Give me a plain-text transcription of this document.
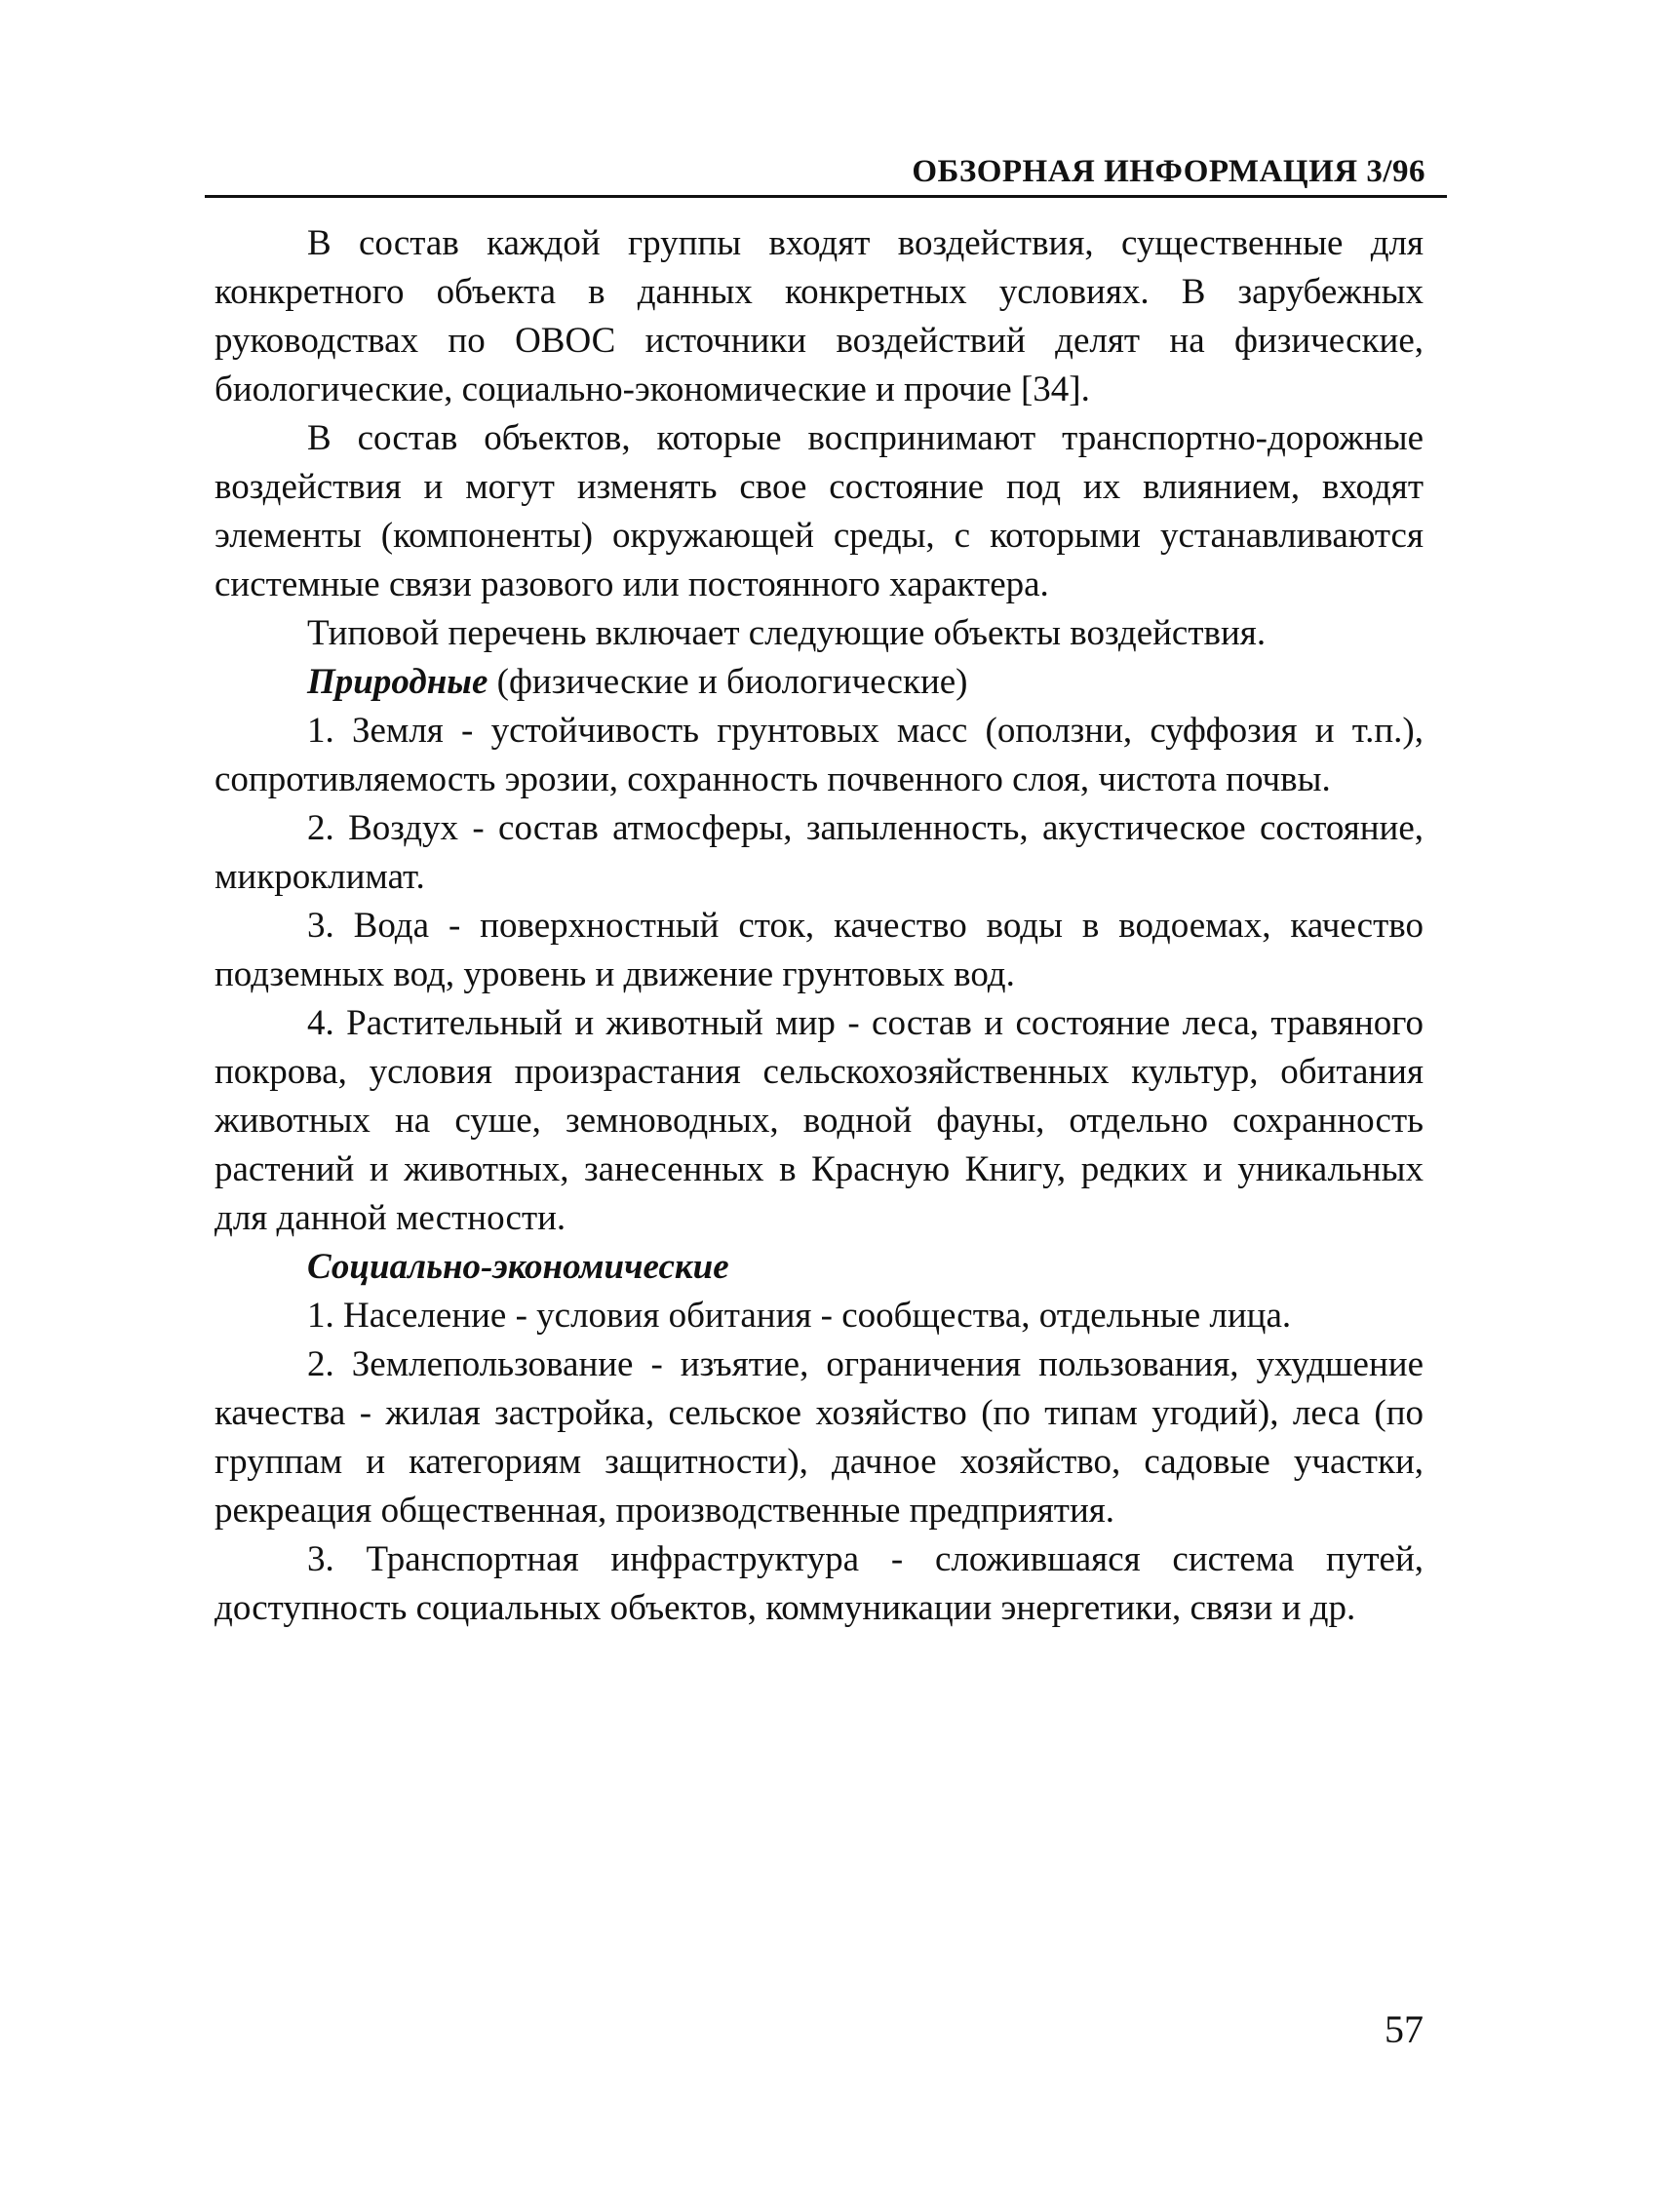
ОБЗОРНАЯ ИНФОРМАЦИЯ 3/96

В состав каждой группы входят воздействия, существенные для конкретного объекта в данных конкретных условиях. В зарубежных руководствах по ОВОС источники воздействий делят на физические, биологические, социально-экономические и прочие [34].

В состав объектов, которые воспринимают транспортно-дорожные воздействия и могут изменять свое состояние под их влиянием, входят элементы (компоненты) окружающей среды, с которыми устанавливаются системные связи разового или постоянного характера.

Типовой перечень включает следующие объекты воздействия.

Природные (физические и биологические)

1. Земля - устойчивость грунтовых масс (оползни, суффозия и т.п.), сопротивляемость эрозии, сохранность почвенного слоя, чистота почвы.

2. Воздух - состав атмосферы, запыленность, акустическое состояние, микроклимат.

3. Вода - поверхностный сток, качество воды в водоемах, качество подземных вод, уровень и движение грунтовых вод.

4. Растительный и животный мир - состав и состояние леса, травяного покрова, условия произрастания сельскохозяйственных культур, обитания животных на суше, земноводных, водной фауны, отдельно сохранность растений и животных, занесенных в Красную Книгу, редких и уникальных для данной местности.

Социально-экономические

1. Население - условия обитания - сообщества, отдельные лица.

2. Землепользование - изъятие, ограничения пользования, ухудшение качества - жилая застройка, сельское хозяйство (по типам угодий), леса (по группам и категориям защитности), дачное хозяйство, садовые участки, рекреация общественная, производственные предприятия.

3. Транспортная инфраструктура - сложившаяся система путей, доступность социальных объектов, коммуникации энергетики, связи и др.

57
